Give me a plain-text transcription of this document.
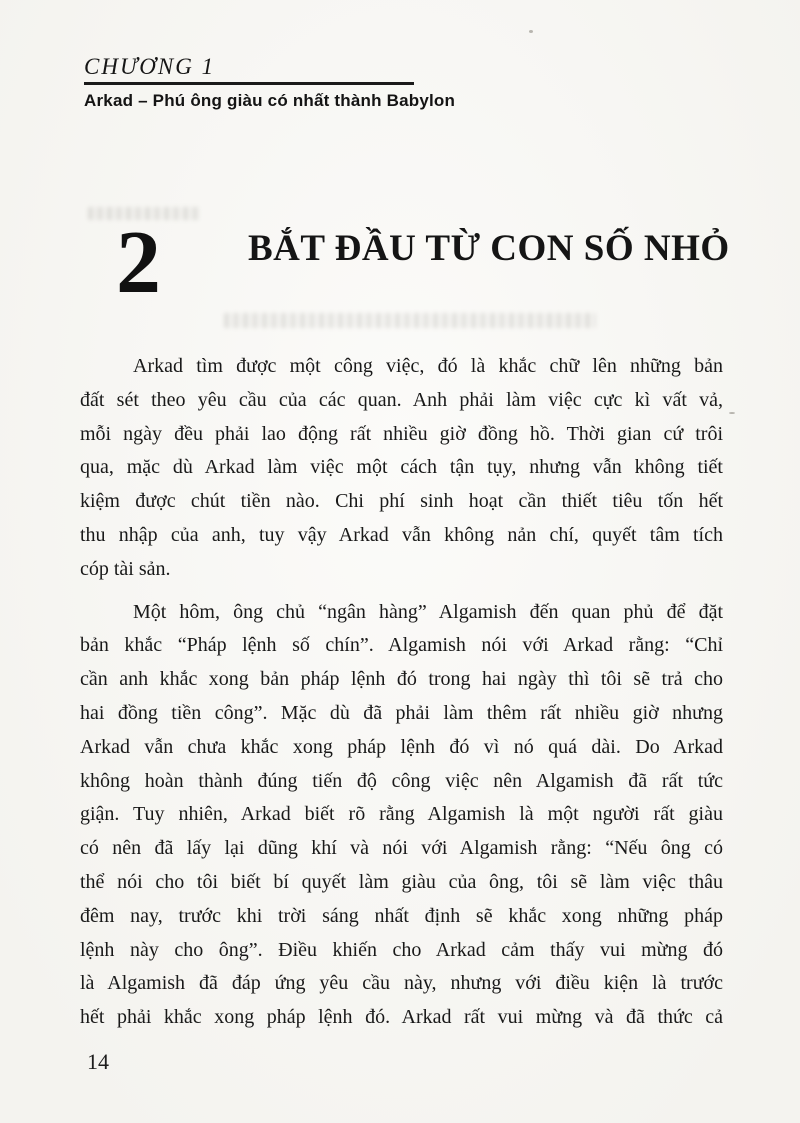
CHƯƠNG 1
Arkad – Phú ông giàu có nhất thành Babylon
2 BẮT ĐẦU TỪ CON SỐ NHỎ
Arkad tìm được một công việc, đó là khắc chữ lên những bản
đất sét theo yêu cầu của các quan. Anh phải làm việc cực kì vất vả,
mỗi ngày đều phải lao động rất nhiều giờ đồng hồ. Thời gian cứ trôi
qua, mặc dù Arkad làm việc một cách tận tụy, nhưng vẫn không tiết
kiệm được chút tiền nào. Chi phí sinh hoạt cần thiết tiêu tốn hết
thu nhập của anh, tuy vậy Arkad vẫn không nản chí, quyết tâm tích
cóp tài sản.
Một hôm, ông chủ “ngân hàng” Algamish đến quan phủ để đặt
bản khắc “Pháp lệnh số chín”. Algamish nói với Arkad rằng: “Chỉ
cần anh khắc xong bản pháp lệnh đó trong hai ngày thì tôi sẽ trả cho
hai đồng tiền công”. Mặc dù đã phải làm thêm rất nhiều giờ nhưng
Arkad vẫn chưa khắc xong pháp lệnh đó vì nó quá dài. Do Arkad
không hoàn thành đúng tiến độ công việc nên Algamish đã rất tức
giận. Tuy nhiên, Arkad biết rõ rằng Algamish là một người rất giàu
có nên đã lấy lại dũng khí và nói với Algamish rằng: “Nếu ông có
thể nói cho tôi biết bí quyết làm giàu của ông, tôi sẽ làm việc thâu
đêm nay, trước khi trời sáng nhất định sẽ khắc xong những pháp
lệnh này cho ông”. Điều khiến cho Arkad cảm thấy vui mừng đó
là Algamish đã đáp ứng yêu cầu này, nhưng với điều kiện là trước
hết phải khắc xong pháp lệnh đó. Arkad rất vui mừng và đã thức cả
14
